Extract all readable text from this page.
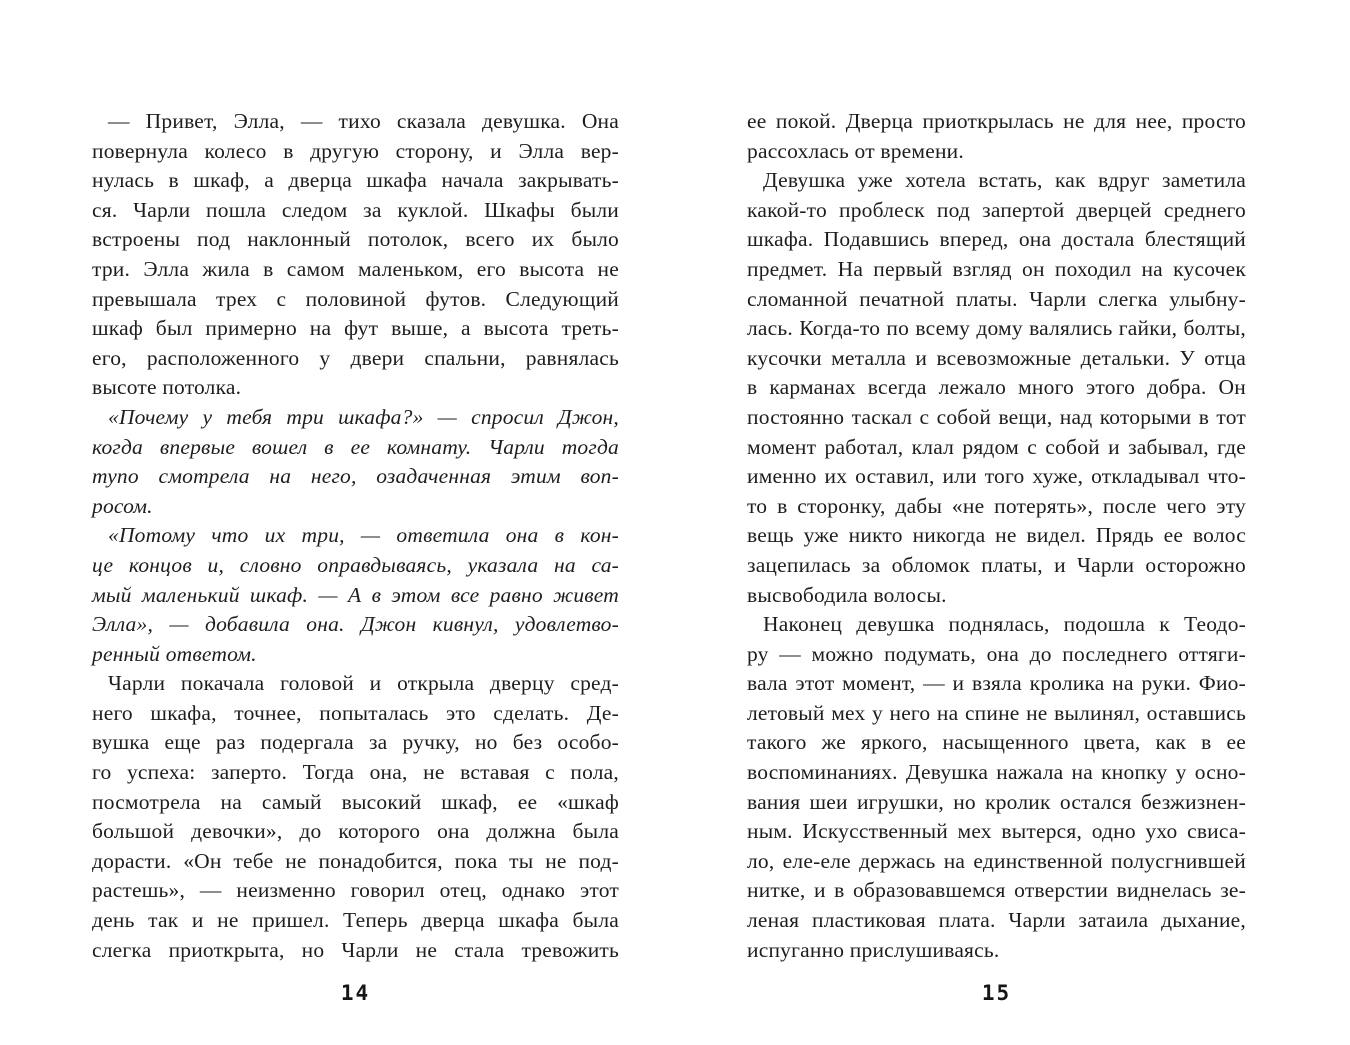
— Привет, Элла, — тихо сказала девушка. Она
повернула колесо в другую сторону, и Элла вер-
нулась в шкаф, а дверца шкафа начала закрывать-
ся. Чарли пошла следом за куклой. Шкафы были
встроены под наклонный потолок, всего их было
три. Элла жила в самом маленьком, его высота не
превышала трех с половиной футов. Следующий
шкаф был примерно на фут выше, а высота треть-
его, расположенного у двери спальни, равнялась
высоте потолка.
«Почему у тебя три шкафа?» — спросил Джон,
когда впервые вошел в ее комнату. Чарли тогда
тупо смотрела на него, озадаченная этим воп-
росом.
«Потому что их три, — ответила она в кон-
це концов и, словно оправдываясь, указала на са-
мый маленький шкаф. — А в этом все равно живет
Элла», — добавила она. Джон кивнул, удовлетво-
ренный ответом.
Чарли покачала головой и открыла дверцу сред-
него шкафа, точнее, попыталась это сделать. Де-
вушка еще раз подергала за ручку, но без особо-
го успеха: заперто. Тогда она, не вставая с пола,
посмотрела на самый высокий шкаф, ее «шкаф
большой девочки», до которого она должна была
дорасти. «Он тебе не понадобится, пока ты не под-
растешь», — неизменно говорил отец, однако этот
день так и не пришел. Теперь дверца шкафа была
слегка приоткрыта, но Чарли не стала тревожить
ее покой. Дверца приоткрылась не для нее, просто
рассохлась от времени.
Девушка уже хотела встать, как вдруг заметила
какой-то проблеск под запертой дверцей среднего
шкафа. Подавшись вперед, она достала блестящий
предмет. На первый взгляд он походил на кусочек
сломанной печатной платы. Чарли слегка улыбну-
лась. Когда-то по всему дому валялись гайки, болты,
кусочки металла и всевозможные детальки. У отца
в карманах всегда лежало много этого добра. Он
постоянно таскал с собой вещи, над которыми в тот
момент работал, клал рядом с собой и забывал, где
именно их оставил, или того хуже, откладывал что-
то в сторонку, дабы «не потерять», после чего эту
вещь уже никто никогда не видел. Прядь ее волос
зацепилась за обломок платы, и Чарли осторожно
высвободила волосы.
Наконец девушка поднялась, подошла к Теодо-
ру — можно подумать, она до последнего оттяги-
вала этот момент, — и взяла кролика на руки. Фио-
летовый мех у него на спине не вылинял, оставшись
такого же яркого, насыщенного цвета, как в ее
воспоминаниях. Девушка нажала на кнопку у осно-
вания шеи игрушки, но кролик остался безжизнен-
ным. Искусственный мех вытерся, одно ухо свиса-
ло, еле-еле держась на единственной полусгнившей
нитке, и в образовавшемся отверстии виднелась зе-
леная пластиковая плата. Чарли затаила дыхание,
испуганно прислушиваясь.
14	15
